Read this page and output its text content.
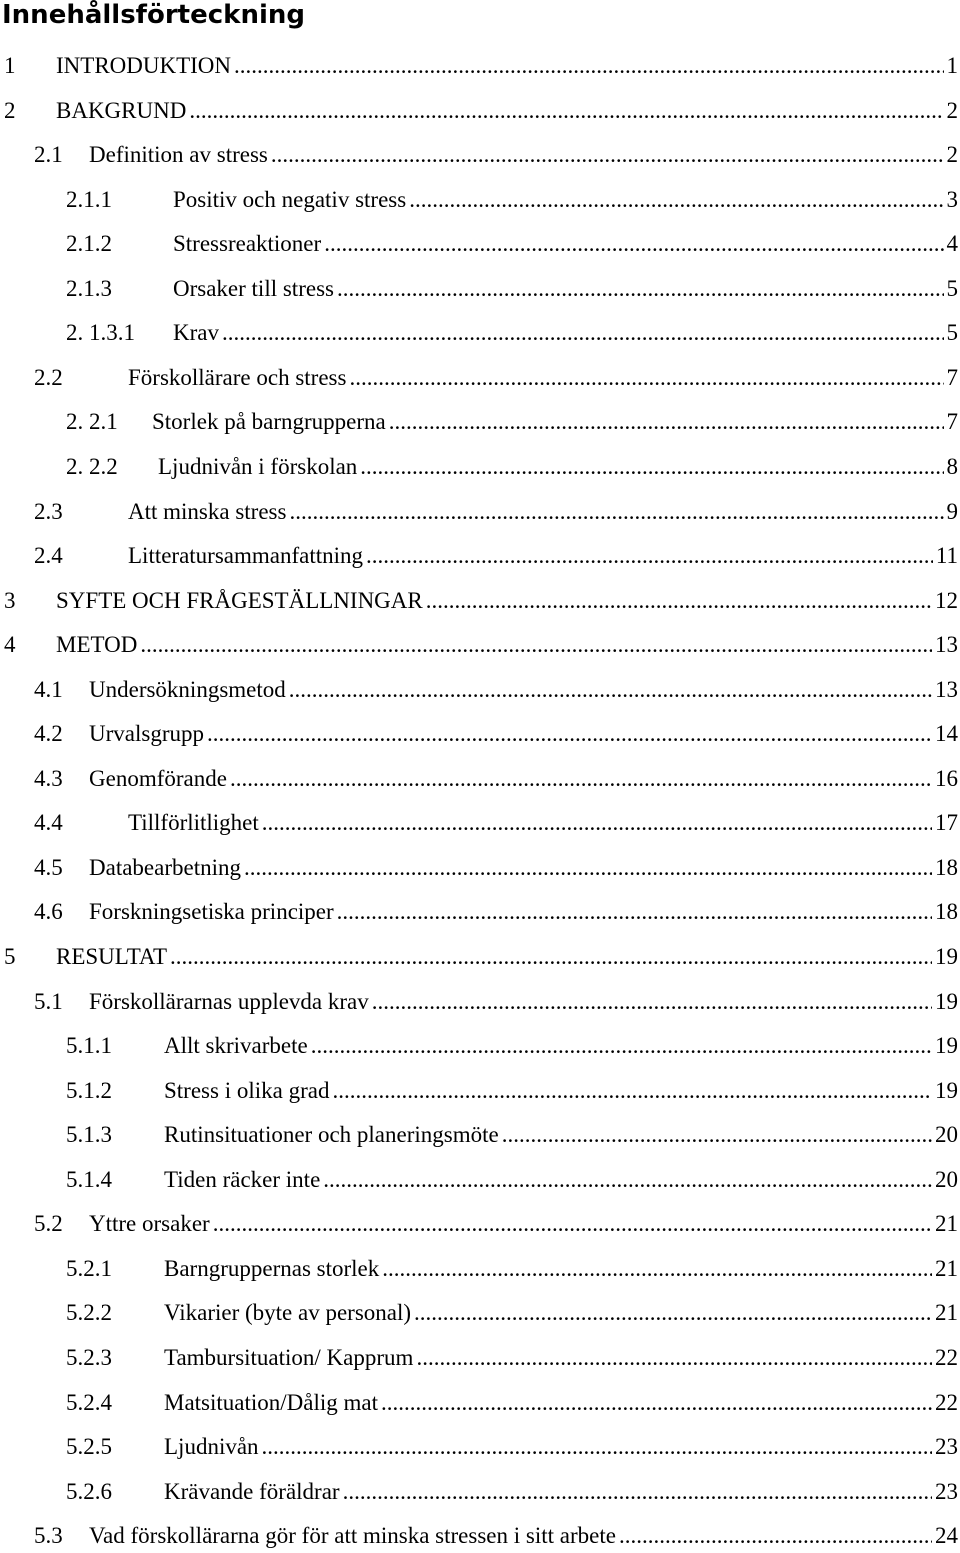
Innehållsförteckning
1 INTRODUKTION .....	1
2 BAKGRUND .....	2
2.1 Definition av stress .....	2
2.1.1	Positiv och negativ stress .....	3
2.1.2	Stressreaktioner .....	4
2.1.3	Orsaker till stress .....	5
2. 1.3.1 Krav .....	5
2.2	Förskollärare och stress .....	7
2. 2.1 Storlek på barngrupperna .....	7
2. 2.2 Ljudnivån i förskolan .....	8
2.3	Att minska stress .....	9
2.4	Litteratursammanfattning .....	11
3 SYFTE OCH FRÅGESTÄLLNINGAR .....	12
4 METOD .....	13
4.1 Undersökningsmetod .....	13
4.2 Urvalsgrupp .....	14
4.3 Genomförande .....	16
4.4	Tillförlitlighet .....	17
4.5 Databearbetning .....	18
4.6 Forskningsetiska principer .....	18
5 RESULTAT .....	19
5.1 Förskollärarnas upplevda krav .....	19
5.1.1 Allt skrivarbete .....	19
5.1.2 Stress i olika grad .....	19
5.1.3 Rutinsituationer och planeringsmöte .....	20
5.1.4 Tiden räcker inte .....	20
5.2 Yttre orsaker .....	21
5.2.1 Barngruppernas storlek .....	21
5.2.2 Vikarier (byte av personal) .....	21
5.2.3 Tambursituation/ Kapprum .....	22
5.2.4 Matsituation/Dålig mat .....	22
5.2.5 Ljudnivån .....	23
5.2.6 Krävande föräldrar .....	23
5.3 Vad förskollärarna gör för att minska stressen i sitt arbete .....	24
